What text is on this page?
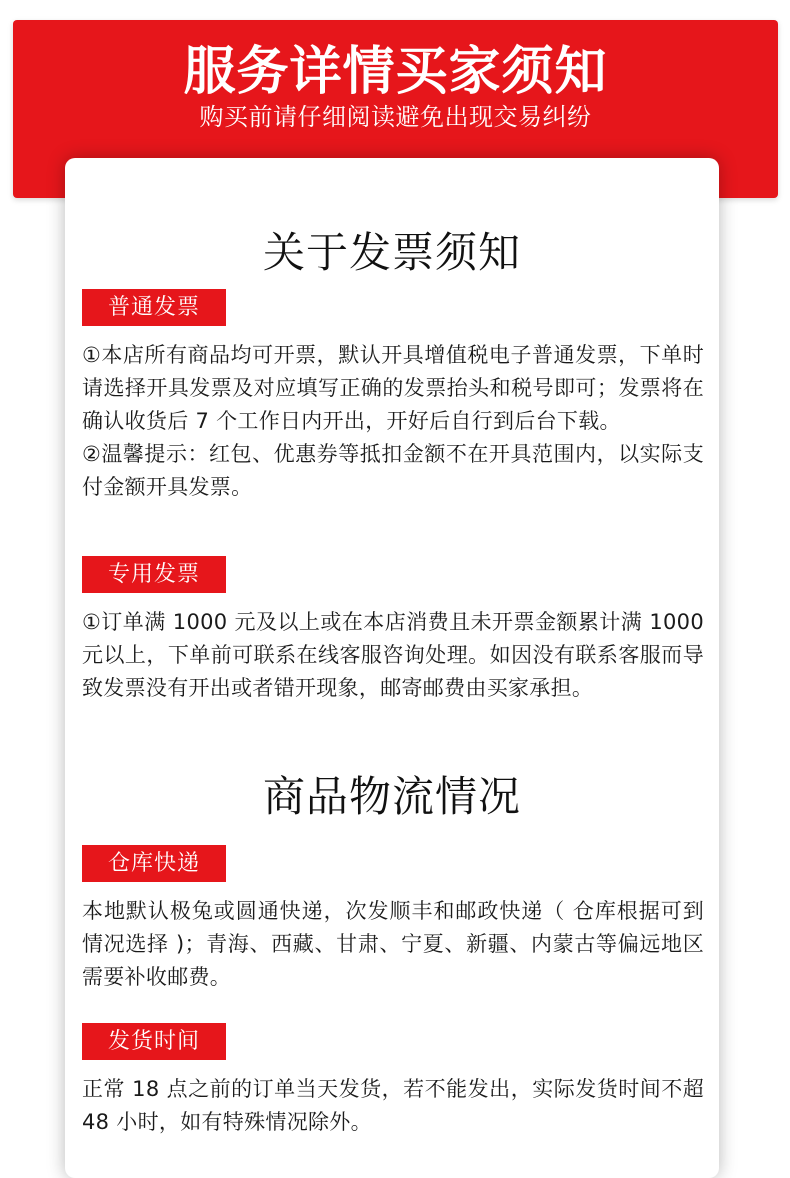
服务详情买家须知
购买前请仔细阅读避免出现交易纠纷
关于发票须知
普通发票

①本店所有商品均可开票，默认开具增值税电子普通发票，下单时请选择开具发票及对应填写正确的发票抬头和税号即可；发票将在确认收货后 7 个工作日内开出，开好后自行到后台下载。

②温馨提示：红包、优惠券等抵扣金额不在开具范围内，以实际支付金额开具发票。

专用发票

①订单满 1000 元及以上或在本店消费且未开票金额累计满 1000 元以上，下单前可联系在线客服咨询处理。如因没有联系客服而导致发票没有开出或者错开现象，邮寄邮费由买家承担。

商品物流情况
仓库快递

本地默认极兔或圆通快递，次发顺丰和邮政快递（ 仓库根据可到情况选择 )；青海、西藏、甘肃、宁夏、新疆、内蒙古等偏远地区需要补收邮费。

发货时间

正常 18 点之前的订单当天发货，若不能发出，实际发货时间不超 48 小时，如有特殊情况除外。
